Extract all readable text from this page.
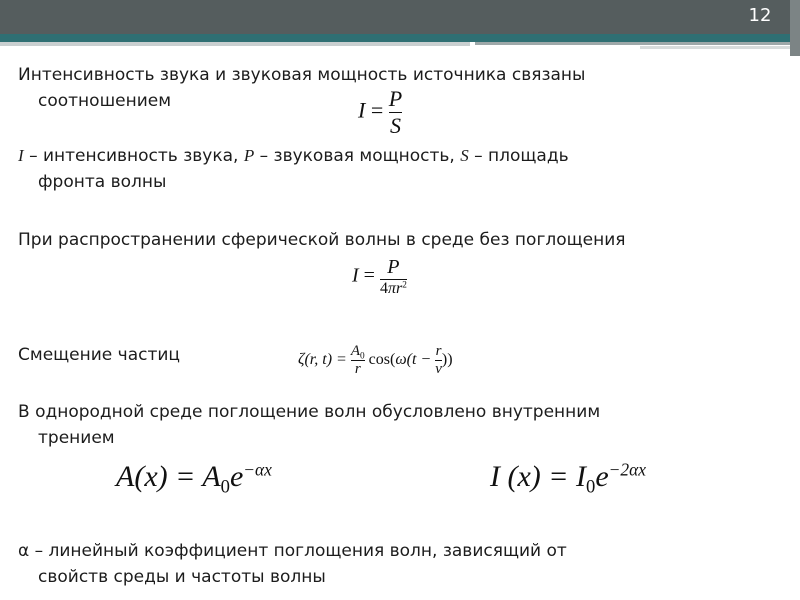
12
Интенсивность звука и звуковая мощность источника связаны
соотношением	$I = \frac{P}{S}$
I – интенсивность звука, P – звуковая мощность, S – площадь
фронта волны
При распространении сферической волны в среде без поглощения
$I = \frac{P}{4\pi r^2}$
Смещение частиц	ζ(r, $t) = \frac{A_0}{r} \cos(\omega(t - \frac{r}{v}$ ))
В однородной среде поглощение волн обусловлено внутренним
трением
$A(x) = A_0e^{-\alpha x}$	I $(x) = I_0e^{-2\alpha x}$
α – линейный коэффициент поглощения волн, зависящий от
свойств среды и частоты волны
